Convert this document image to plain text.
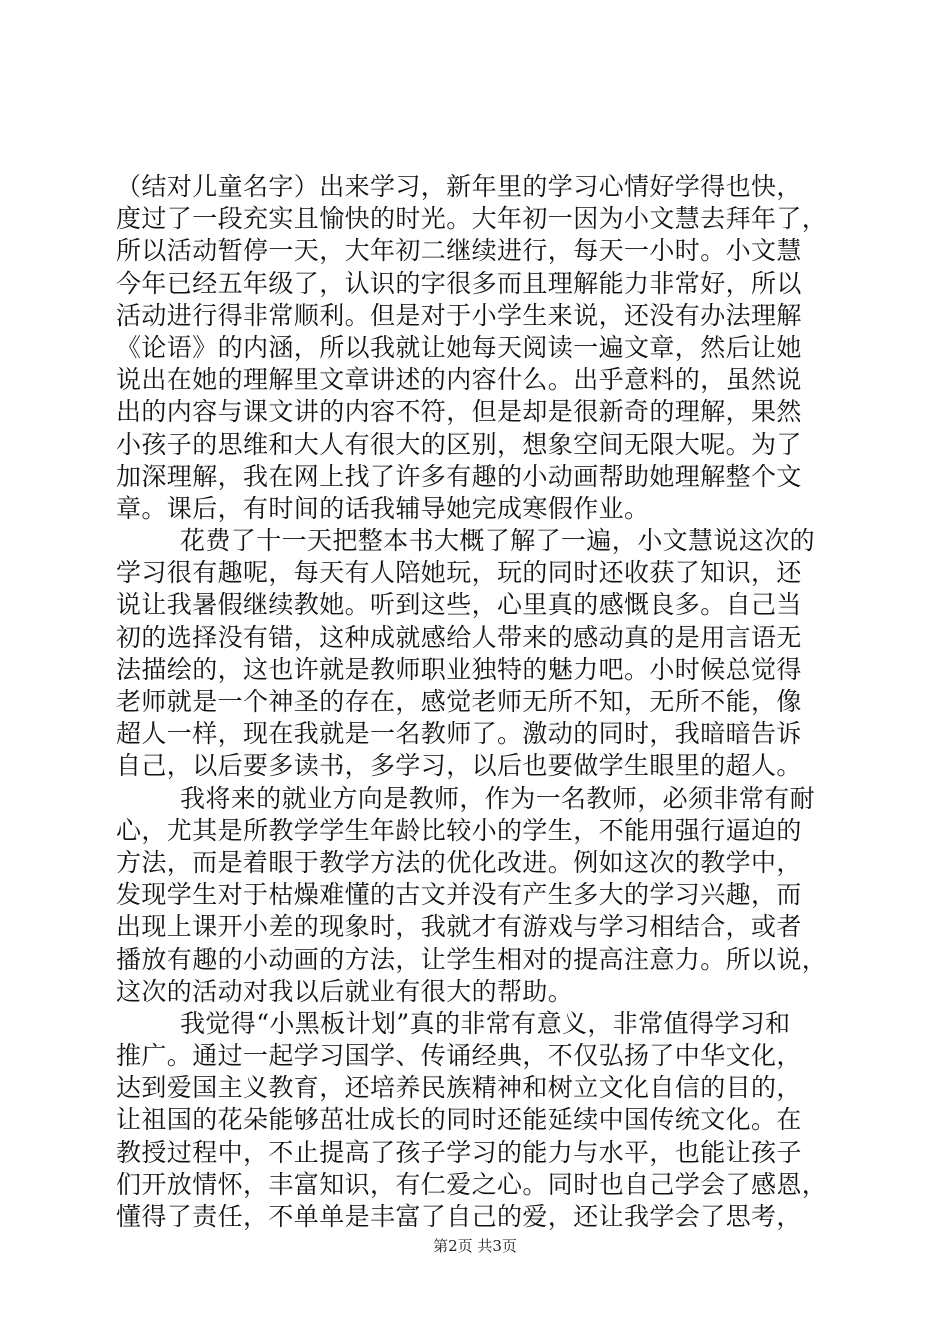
（结对儿童名字）出来学习，新年里的学习心情好学得也快，
度过了一段充实且愉快的时光。大年初一因为小文慧去拜年了，
所以活动暂停一天，大年初二继续进行，每天一小时。小文慧
今年已经五年级了，认识的字很多而且理解能力非常好，所以
活动进行得非常顺利。但是对于小学生来说，还没有办法理解
《论语》的内涵，所以我就让她每天阅读一遍文章，然后让她
说出在她的理解里文章讲述的内容什么。出乎意料的，虽然说
出的内容与课文讲的内容不符，但是却是很新奇的理解，果然
小孩子的思维和大人有很大的区别，想象空间无限大呢。为了
加深理解，我在网上找了许多有趣的小动画帮助她理解整个文
章。课后，有时间的话我辅导她完成寒假作业。
花费了十一天把整本书大概了解了一遍，小文慧说这次的
学习很有趣呢，每天有人陪她玩，玩的同时还收获了知识，还
说让我暑假继续教她。听到这些，心里真的感慨良多。自己当
初的选择没有错，这种成就感给人带来的感动真的是用言语无
法描绘的，这也许就是教师职业独特的魅力吧。小时候总觉得
老师就是一个神圣的存在，感觉老师无所不知，无所不能，像
超人一样，现在我就是一名教师了。激动的同时，我暗暗告诉
自己，以后要多读书，多学习，以后也要做学生眼里的超人。
我将来的就业方向是教师，作为一名教师，必须非常有耐
心，尤其是所教学学生年龄比较小的学生，不能用强行逼迫的
方法，而是着眼于教学方法的优化改进。例如这次的教学中，
发现学生对于枯燥难懂的古文并没有产生多大的学习兴趣，而
出现上课开小差的现象时，我就才有游戏与学习相结合，或者
播放有趣的小动画的方法，让学生相对的提高注意力。所以说，
这次的活动对我以后就业有很大的帮助。
我觉得“小黑板计划”真的非常有意义，非常值得学习和
推广。通过一起学习国学、传诵经典，不仅弘扬了中华文化，
达到爱国主义教育，还培养民族精神和树立文化自信的目的，
让祖国的花朵能够茁壮成长的同时还能延续中国传统文化。在
教授过程中，不止提高了孩子学习的能力与水平，也能让孩子
们开放情怀，丰富知识，有仁爱之心。同时也自己学会了感恩，
懂得了责任，不单单是丰富了自己的爱，还让我学会了思考，
第2页 共3页
